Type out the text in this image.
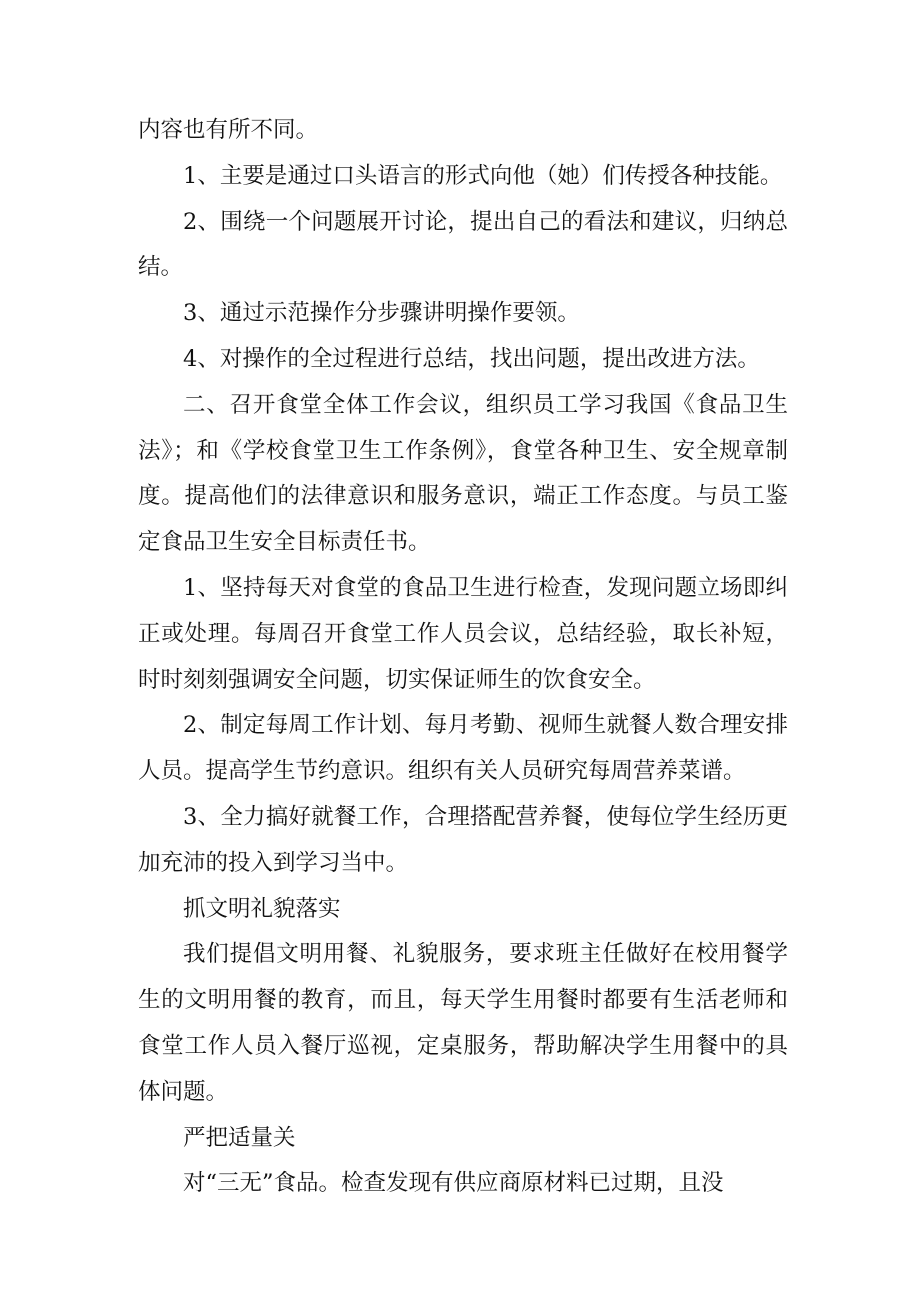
内容也有所不同。

1、主要是通过口头语言的形式向他（她）们传授各种技能。

2、围绕一个问题展开讨论，提出自己的看法和建议，归纳总结。

3、通过示范操作分步骤讲明操作要领。

4、对操作的全过程进行总结，找出问题，提出改进方法。

二、召开食堂全体工作会议，组织员工学习我国《食品卫生法》；和《学校食堂卫生工作条例》，食堂各种卫生、安全规章制度。提高他们的法律意识和服务意识，端正工作态度。与员工鉴定食品卫生安全目标责任书。

1、坚持每天对食堂的食品卫生进行检查，发现问题立场即纠正或处理。每周召开食堂工作人员会议，总结经验，取长补短，时时刻刻强调安全问题，切实保证师生的饮食安全。

2、制定每周工作计划、每月考勤、视师生就餐人数合理安排人员。提高学生节约意识。组织有关人员研究每周营养菜谱。

3、全力搞好就餐工作，合理搭配营养餐，使每位学生经历更加充沛的投入到学习当中。

抓文明礼貌落实

我们提倡文明用餐、礼貌服务，要求班主任做好在校用餐学生的文明用餐的教育，而且，每天学生用餐时都要有生活老师和食堂工作人员入餐厅巡视，定桌服务，帮助解决学生用餐中的具体问题。

严把适量关

对“三无”食品。检查发现有供应商原材料已过期，且没
